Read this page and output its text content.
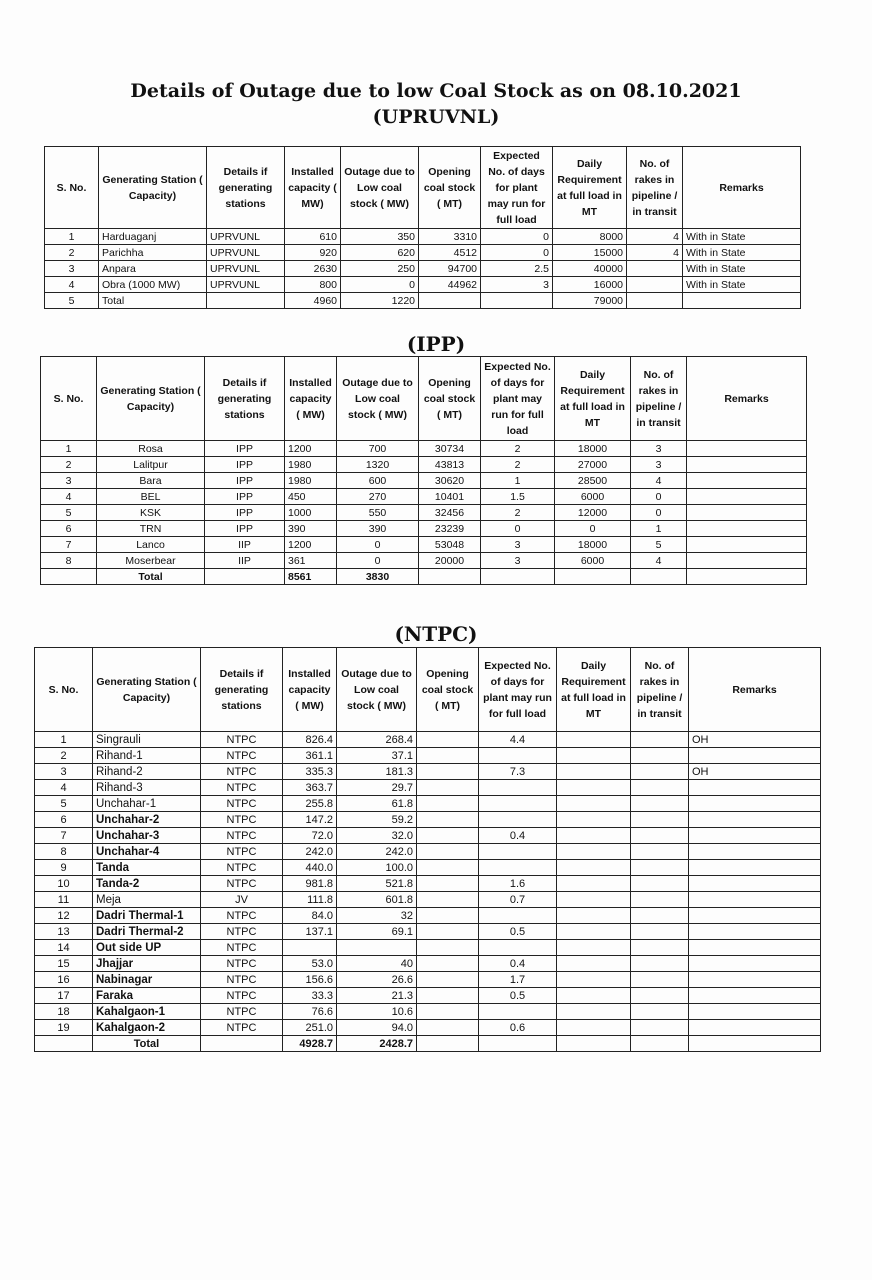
Details of Outage due to low Coal Stock as on 08.10.2021
(UPRUVNL)
S. No.	Generating Station ( Capacity)	Details if generating stations	Installed capacity ( MW)	Outage due to Low coal stock ( MW)	Opening coal stock ( MT)	Expected No. of days for plant may run for full load	Daily Requirement at full load in MT	No. of rakes in pipeline / in transit	Remarks
1	Harduaganj	UPRVUNL	610	350	3310	0	8000	4	With in State
2	Parichha	UPRVUNL	920	620	4512	0	15000	4	With in State
3	Anpara	UPRVUNL	2630	250	94700	2.5	40000		With in State
4	Obra (1000 MW)	UPRVUNL	800	0	44962	3	16000		With in State
5	Total		4960	1220			79000		
(IPP)
S. No.	Generating Station ( Capacity)	Details if generating stations	Installed capacity ( MW)	Outage due to Low coal stock ( MW)	Opening coal stock ( MT)	Expected No. of days for plant may run for full load	Daily Requirement at full load in MT	No. of rakes in pipeline / in transit	Remarks
1	Rosa	IPP	1200	700	30734	2	18000	3	
2	Lalitpur	IPP	1980	1320	43813	2	27000	3	
3	Bara	IPP	1980	600	30620	1	28500	4	
4	BEL	IPP	450	270	10401	1.5	6000	0	
5	KSK	IPP	1000	550	32456	2	12000	0	
6	TRN	IPP	390	390	23239	0	0	1	
7	Lanco	IIP	1200	0	53048	3	18000	5	
8	Moserbear	IIP	361	0	20000	3	6000	4	
	Total		8561	3830					
(NTPC)
S. No.	Generating Station ( Capacity)	Details if generating stations	Installed capacity ( MW)	Outage due to Low coal stock ( MW)	Opening coal stock ( MT)	Expected No. of days for plant may run for full load	Daily Requirement at full load in MT	No. of rakes in pipeline / in transit	Remarks
1	Singrauli	NTPC	826.4	268.4		4.4			OH
2	Rihand-1	NTPC	361.1	37.1					
3	Rihand-2	NTPC	335.3	181.3		7.3			OH
4	Rihand-3	NTPC	363.7	29.7					
5	Unchahar-1	NTPC	255.8	61.8					
6	Unchahar-2	NTPC	147.2	59.2					
7	Unchahar-3	NTPC	72.0	32.0		0.4			
8	Unchahar-4	NTPC	242.0	242.0					
9	Tanda	NTPC	440.0	100.0					
10	Tanda-2	NTPC	981.8	521.8		1.6			
11	Meja	JV	111.8	601.8		0.7			
12	Dadri Thermal-1	NTPC	84.0	32					
13	Dadri Thermal-2	NTPC	137.1	69.1		0.5			
14	Out side UP	NTPC							
15	Jhajjar	NTPC	53.0	40		0.4			
16	Nabinagar	NTPC	156.6	26.6		1.7			
17	Faraka	NTPC	33.3	21.3		0.5			
18	Kahalgaon-1	NTPC	76.6	10.6					
19	Kahalgaon-2	NTPC	251.0	94.0		0.6			
	Total		4928.7	2428.7					
